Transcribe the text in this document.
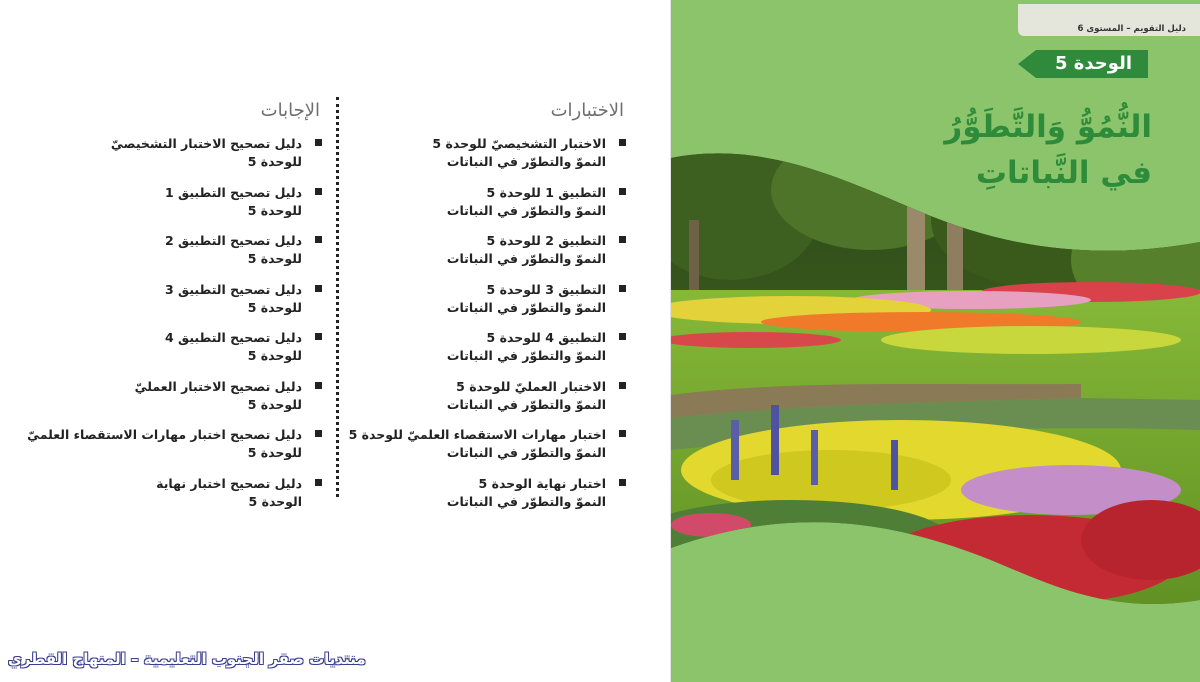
الاختبارات
الاختبار التشخيصيّ للوحدة 5
النموّ والتطوّر في النباتات
التطبيق 1 للوحدة 5
النموّ والتطوّر في النباتات
التطبيق 2 للوحدة 5
النموّ والتطوّر في النباتات
التطبيق 3 للوحدة 5
النموّ والتطوّر في النباتات
التطبيق 4 للوحدة 5
النموّ والتطوّر في النباتات
الاختبار العمليّ للوحدة 5
النموّ والتطوّر في النباتات
اختبار مهارات الاستقصاء العلميّ للوحدة 5
النموّ والتطوّر في النباتات
اختبار نهاية الوحدة 5
النموّ والتطوّر في النباتات
الإجابات
دليل تصحيح الاختبار التشخيصيّ
للوحدة 5
دليل تصحيح التطبيق 1
للوحدة 5
دليل تصحيح التطبيق 2
للوحدة 5
دليل تصحيح التطبيق 3
للوحدة 5
دليل تصحيح التطبيق 4
للوحدة 5
دليل تصحيح الاختبار العمليّ
للوحدة 5
دليل تصحيح اختبار مهارات الاستقصاء العلميّ
للوحدة 5
دليل تصحيح اختبار نهاية
الوحدة 5
منتديات صقر الجنوب التعليمية – المنهاج القطري
دليل التقويم – المستوى 6
الوحدة 5
النُّمُوُّ وَالتَّطَوُّرُ
في النَّباتاتِ
